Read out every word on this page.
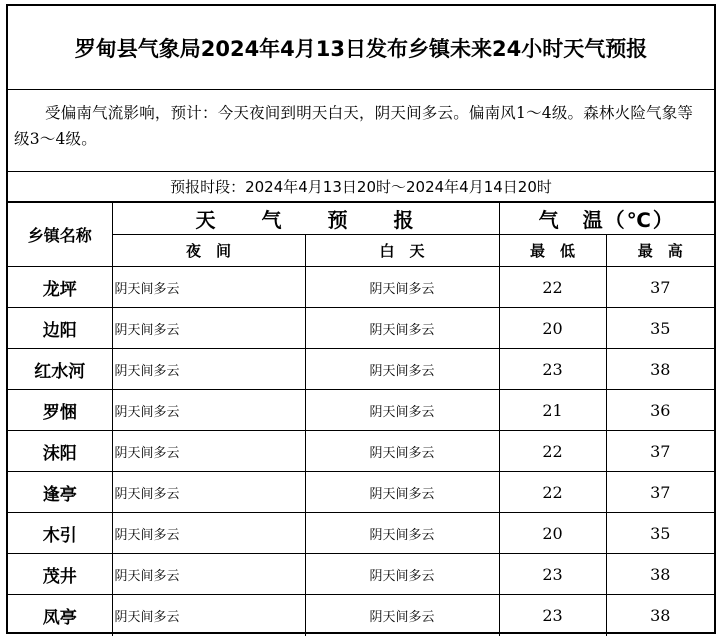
罗甸县气象局2024年4月13日发布乡镇未来24小时天气预报
受偏南气流影响，预计：今天夜间到明天白天，阴天间多云。偏南风1～4级。森林火险气象等级3～4级。
预报时段：2024年4月13日20时～2024年4月14日20时
乡镇名称	天　　气　　预　　报		气　温（℃）	
	夜　间	白　天	最　低	最　高
龙坪	阴天间多云	阴天间多云	22	37
边阳	阴天间多云	阴天间多云	20	35
红水河	阴天间多云	阴天间多云	23	38
罗悃	阴天间多云	阴天间多云	21	36
沫阳	阴天间多云	阴天间多云	22	37
逢亭	阴天间多云	阴天间多云	22	37
木引	阴天间多云	阴天间多云	20	35
茂井	阴天间多云	阴天间多云	23	38
凤亭	阴天间多云	阴天间多云	23	38
